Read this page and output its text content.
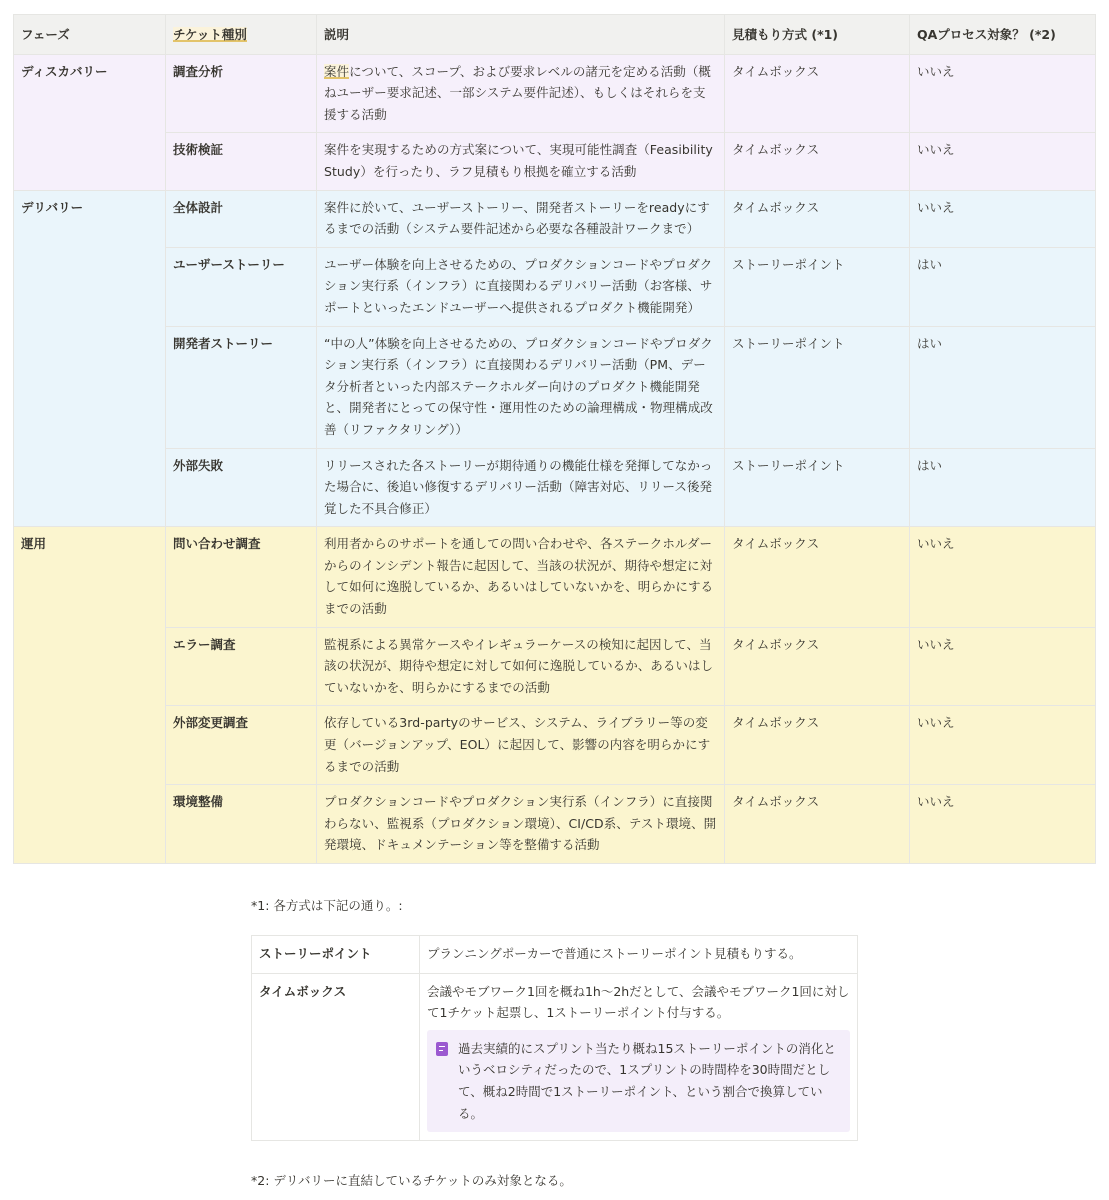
フェーズ	チケット種別	説明	見積もり方式 (*1)	QAプロセス対象？ (*2)
ディスカバリー	調査分析	案件について、スコープ、および要求レベルの諸元を定める活動（概ねユーザー要求記述、一部システム要件記述）、もしくはそれらを支援する活動	タイムボックス	いいえ
	技術検証	案件を実現するための方式案について、実現可能性調査（Feasibility Study）を行ったり、ラフ見積もり根拠を確立する活動	タイムボックス	いいえ
デリバリー	全体設計	案件に於いて、ユーザーストーリー、開発者ストーリーをreadyにするまでの活動（システム要件記述から必要な各種設計ワークまで）	タイムボックス	いいえ
	ユーザーストーリー	ユーザー体験を向上させるための、プロダクションコードやプロダクション実行系（インフラ）に直接関わるデリバリー活動（お客様、サポートといったエンドユーザーへ提供されるプロダクト機能開発）	ストーリーポイント	はい
	開発者ストーリー	“中の人”体験を向上させるための、プロダクションコードやプロダクション実行系（インフラ）に直接関わるデリバリー活動（PM、データ分析者といった内部ステークホルダー向けのプロダクト機能開発と、開発者にとっての保守性・運用性のための論理構成・物理構成改善（リファクタリング））	ストーリーポイント	はい
	外部失敗	リリースされた各ストーリーが期待通りの機能仕様を発揮してなかった場合に、後追い修復するデリバリー活動（障害対応、リリース後発覚した不具合修正）	ストーリーポイント	はい
運用	問い合わせ調査	利用者からのサポートを通しての問い合わせや、各ステークホルダーからのインシデント報告に起因して、当該の状況が、期待や想定に対して如何に逸脱しているか、あるいはしていないかを、明らかにするまでの活動	タイムボックス	いいえ
	エラー調査	監視系による異常ケースやイレギュラーケースの検知に起因して、当該の状況が、期待や想定に対して如何に逸脱しているか、あるいはしていないかを、明らかにするまでの活動	タイムボックス	いいえ
	外部変更調査	依存している3rd-partyのサービス、システム、ライブラリー等の変更（バージョンアップ、EOL）に起因して、影響の内容を明らかにするまでの活動	タイムボックス	いいえ
	環境整備	プロダクションコードやプロダクション実行系（インフラ）に直接関わらない、監視系（プロダクション環境）、CI/CD系、テスト環境、開発環境、ドキュメンテーション等を整備する活動	タイムボックス	いいえ
*1: 各方式は下記の通り。:
ストーリーポイント	プランニングポーカーで普通にストーリーポイント見積もりする。
タイムボックス	会議やモブワーク1回を概ね1h〜2hだとして、会議やモブワーク1回に対して1チケット起票し、1ストーリーポイント付与する。
過去実績的にスプリント当たり概ね15ストーリーポイントの消化というベロシティだったので、1スプリントの時間枠を30時間だとして、概ね2時間で1ストーリーポイント、という割合で換算している。
*2: デリバリーに直結しているチケットのみ対象となる。
